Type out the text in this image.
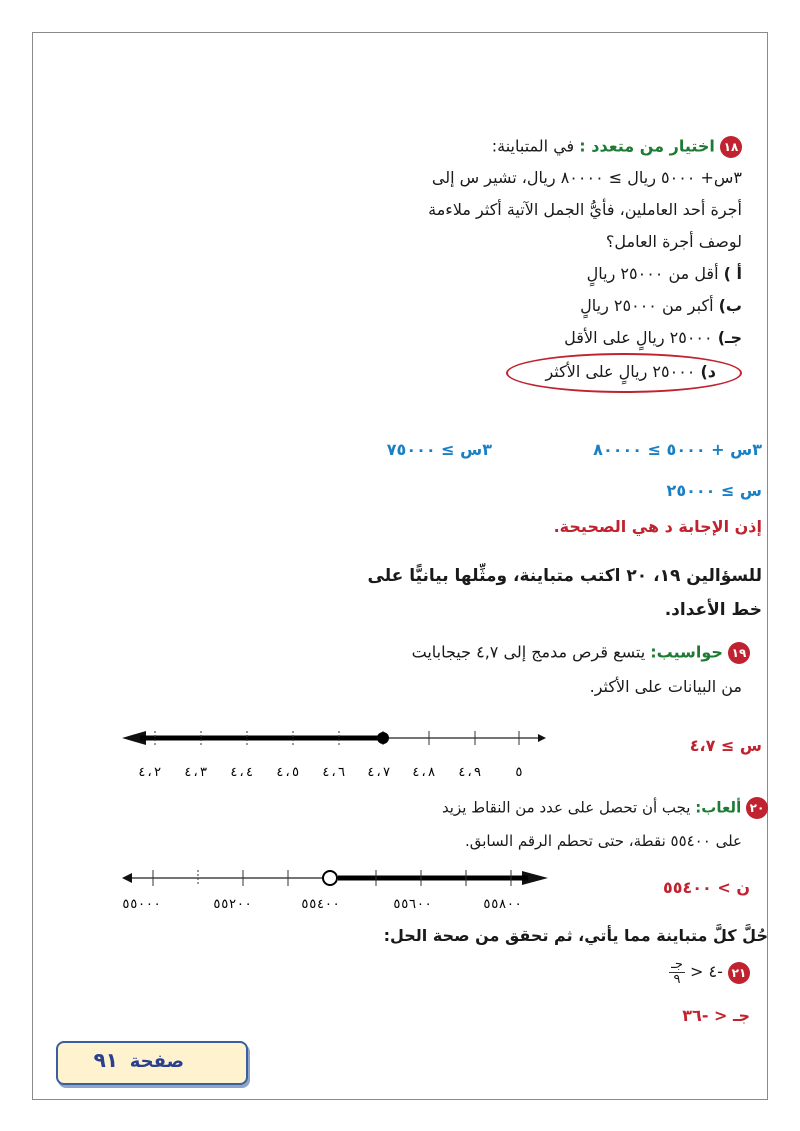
١٨ اختيار من متعدد : في المتباينة:
٣س+ ٥٠٠٠ ريال ≥ ٨٠٠٠٠ ريال، تشير س إلى
أجرة أحد العاملين، فأيُّ الجمل الآتية أكثر ملاءمة
لوصف أجرة العامل؟
أ ) أقل من ٢٥٠٠٠ ريالٍ
ب) أكبر من ٢٥٠٠٠ ريالٍ
جـ) ٢٥٠٠٠ ريالٍ على الأقل
د) ٢٥٠٠٠ ريالٍ على الأكثر
٣س + ٥٠٠٠ ≥ ٨٠٠٠٠
٣س ≥ ٧٥٠٠٠
س ≥ ٢٥٠٠٠
إذن الإجابة د هي الصحيحة.
للسؤالين ١٩، ٢٠ اكتب متباينة، ومثِّلها بيانيًّا على
خط الأعداد.
١٩ حواسيب: يتسع قرص مدمج إلى ٤,٧ جيجابايت
من البيانات على الأكثر.
٤،٢ ٤،٣ ٤،٤ ٤،٥ ٤،٦ ٤،٧ ٤،٨ ٤،٩	٥
س ≥ ٤،٧
٢٠ ألعاب: يجب أن تحصل على عدد من النقاط يزيد
على ٥٥٤٠٠ نقطة، حتى تحطم الرقم السابق.
٥٥٠٠٠	٥٥٢٠٠	٥٥٤٠٠	٥٥٦٠٠	٥٥٨٠٠
ن > ٥٥٤٠٠
حُلَّ كلَّ متباينة مما يأتي، ثم تحقق من صحة الحل:
٢١ -٤ <
$\frac{\text{جـ}}{٩}$
جـ < -٣٦
صفحة
٩١
